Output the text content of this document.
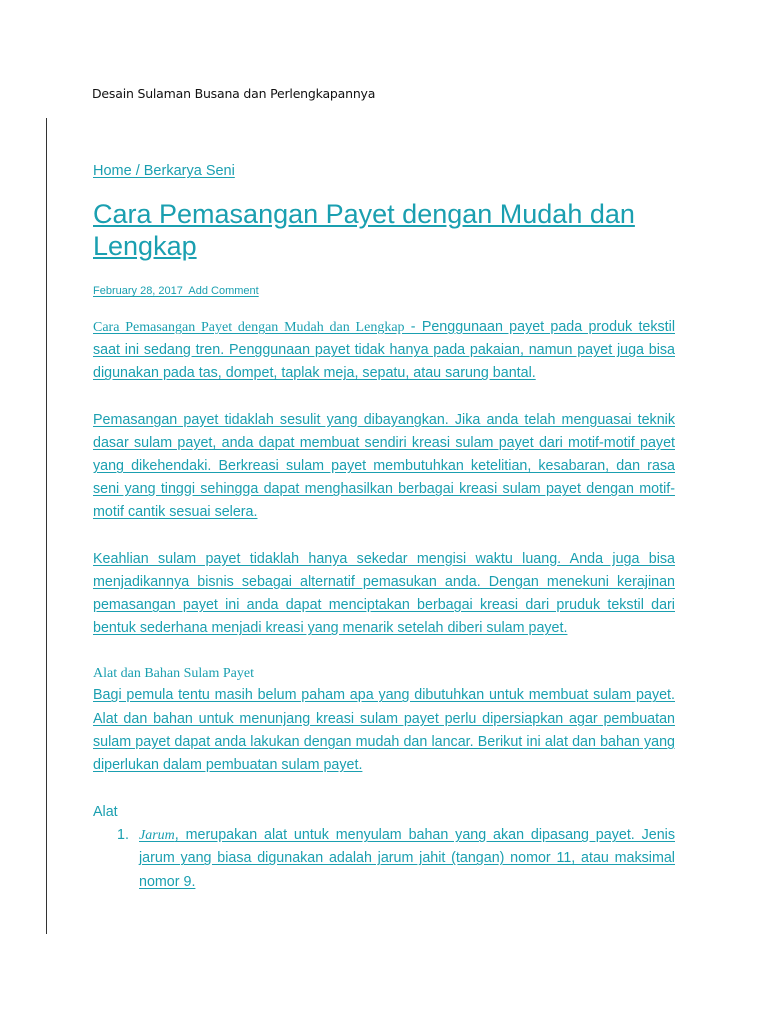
Desain Sulaman Busana dan Perlengkapannya

Home / Berkarya Seni

Cara Pemasangan Payet dengan Mudah dan Lengkap

February 28, 2017  Add Comment

Cara Pemasangan Payet dengan Mudah dan Lengkap - Penggunaan payet pada produk tekstil saat ini sedang tren. Penggunaan payet tidak hanya pada pakaian, namun payet juga bisa digunakan pada tas, dompet, taplak meja, sepatu, atau sarung bantal.

Pemasangan payet tidaklah sesulit yang dibayangkan. Jika anda telah menguasai teknik dasar sulam payet, anda dapat membuat sendiri kreasi sulam payet dari motif-motif payet yang dikehendaki. Berkreasi sulam payet membutuhkan ketelitian, kesabaran, dan rasa seni yang tinggi sehingga dapat menghasilkan berbagai kreasi sulam payet dengan motif-motif cantik sesuai selera.

Keahlian sulam payet tidaklah hanya sekedar mengisi waktu luang. Anda juga bisa menjadikannya bisnis sebagai alternatif pemasukan anda. Dengan menekuni kerajinan pemasangan payet ini anda dapat menciptakan berbagai kreasi dari pruduk tekstil dari bentuk sederhana menjadi kreasi yang menarik setelah diberi sulam payet.

Alat dan Bahan Sulam Payet

Bagi pemula tentu masih belum paham apa yang dibutuhkan untuk membuat sulam payet. Alat dan bahan untuk menunjang kreasi sulam payet perlu dipersiapkan agar pembuatan sulam payet dapat anda lakukan dengan mudah dan lancar. Berikut ini alat dan bahan yang diperlukan dalam pembuatan sulam payet.

Alat

1. Jarum, merupakan alat untuk menyulam bahan yang akan dipasang payet. Jenis jarum yang biasa digunakan adalah jarum jahit (tangan) nomor 11, atau maksimal nomor 9.
